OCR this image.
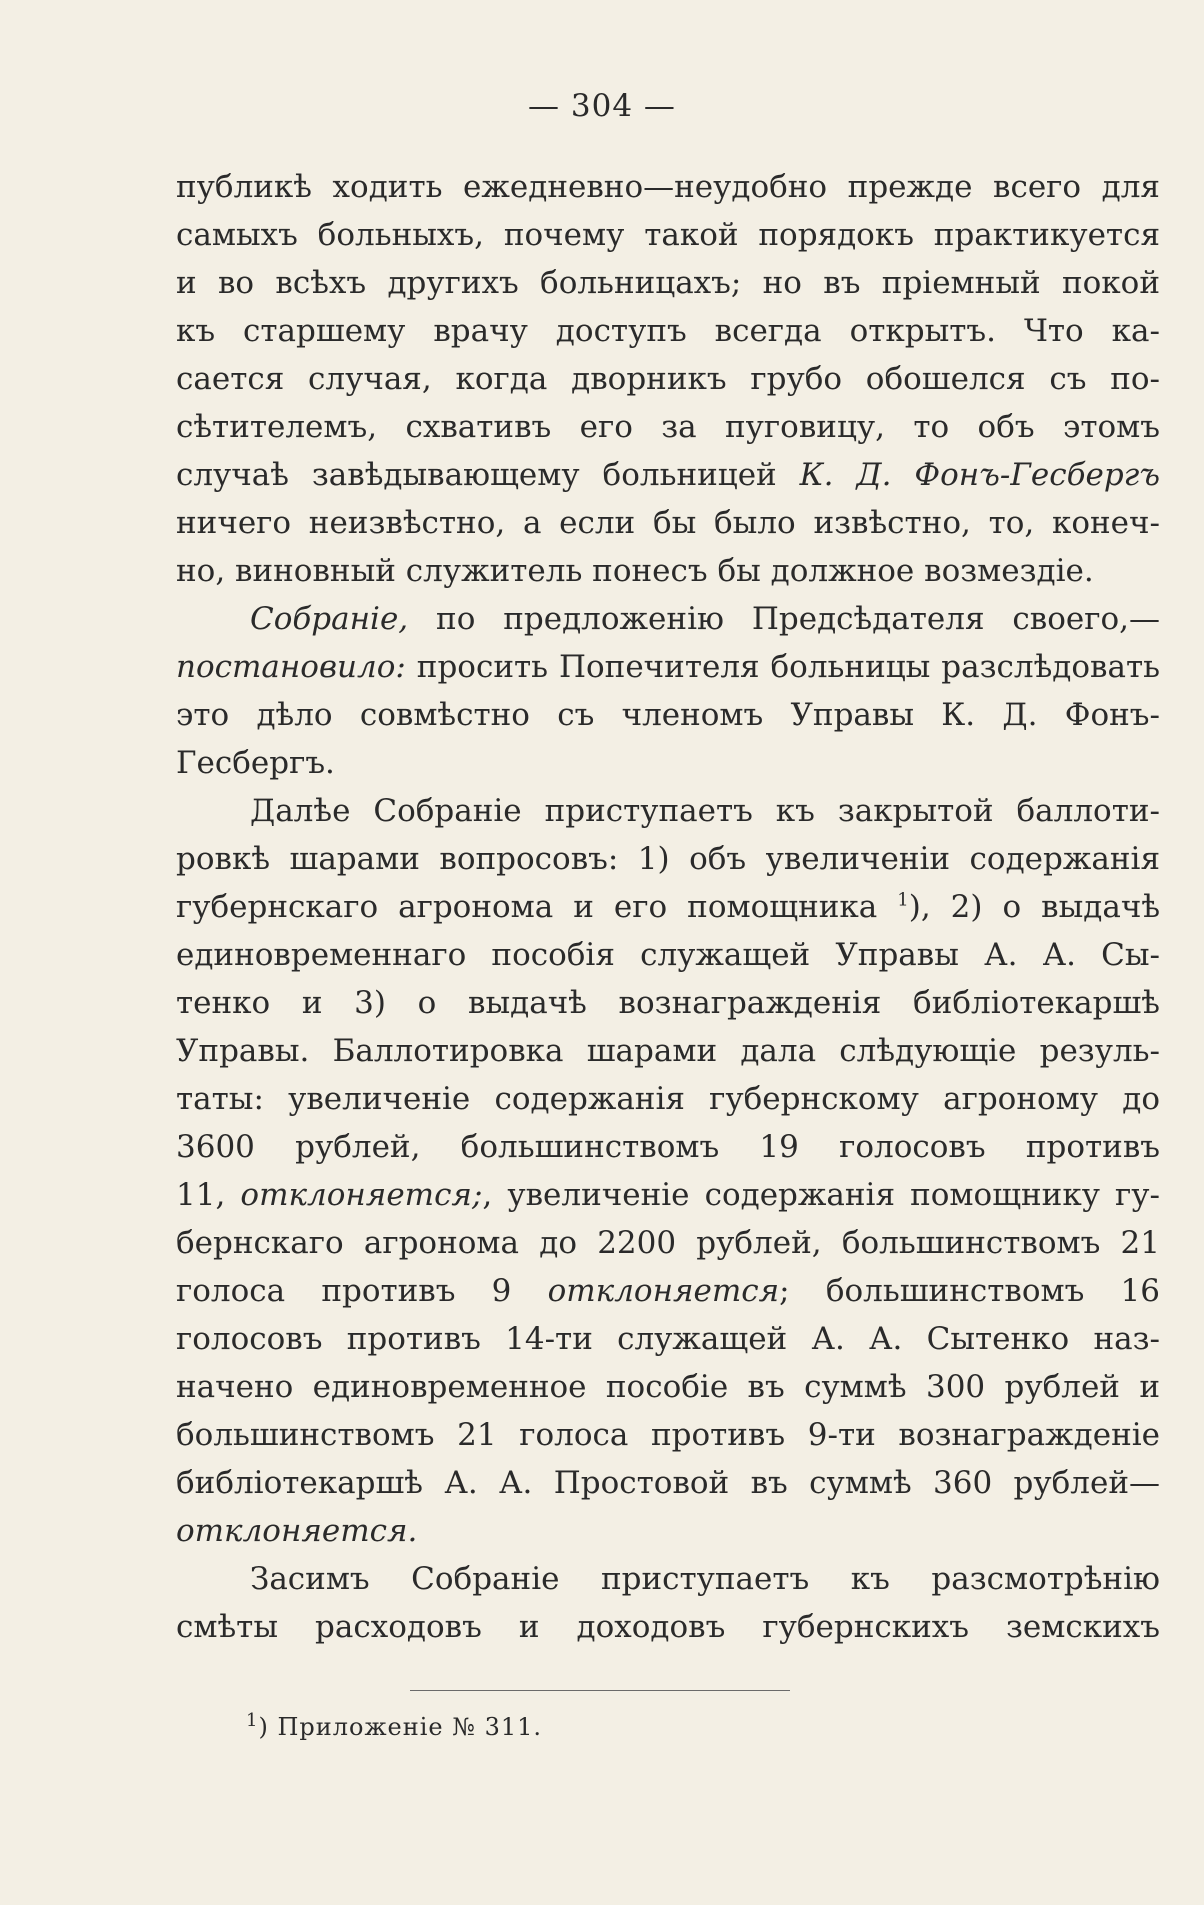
— 304 —
публикѣ ходить ежедневно—неудобно прежде всего для
самыхъ больныхъ, почему такой порядокъ практикуется
и во всѣхъ другихъ больницахъ; но въ пріемный покой
къ старшему врачу доступъ всегда открытъ. Что ка-
сается случая, когда дворникъ грубо обошелся съ по-
сѣтителемъ, схвативъ его за пуговицу, то объ этомъ
случаѣ завѣдывающему больницей К. Д. Фонъ-Гесбергъ
ничего неизвѣстно, а если бы было извѣстно, то, конеч-
но, виновный служитель понесъ бы должное возмездіе.
Собраніе, по предложенію Предсѣдателя своего,—
постановило: просить Попечителя больницы разслѣдовать
это дѣло совмѣстно съ членомъ Управы К. Д. Фонъ-
Гесбергъ.
Далѣе Собраніе приступаетъ къ закрытой баллоти-
ровкѣ шарами вопросовъ: 1) объ увеличеніи содержанія
губернскаго агронома и его помощника $^1$), 2) о выдачѣ
единовременнаго пособія служащей Управы А. А. Сы-
тенко и 3) о выдачѣ вознагражденія библіотекаршѣ
Управы. Баллотировка шарами дала слѣдующіе резуль-
таты: увеличеніе содержанія губернскому агроному до
3600 рублей, большинствомъ 19 голосовъ противъ
11, отклоняется;, увеличеніе содержанія помощнику гу-
бернскаго агронома до 2200 рублей, большинствомъ 21
голоса противъ 9 отклоняется; большинствомъ 16
голосовъ противъ 14-ти служащей А. А. Сытенко наз-
начено единовременное пособіе въ суммѣ 300 рублей и
большинствомъ 21 голоса противъ 9-ти вознагражденіе
библіотекаршѣ А. А. Простовой въ суммѣ 360 рублей—
отклоняется.
Засимъ Собраніе приступаетъ къ разсмотрѣнію
смѣты расходовъ и доходовъ губернскихъ земскихъ
$^1$) Приложеніе № 311.
